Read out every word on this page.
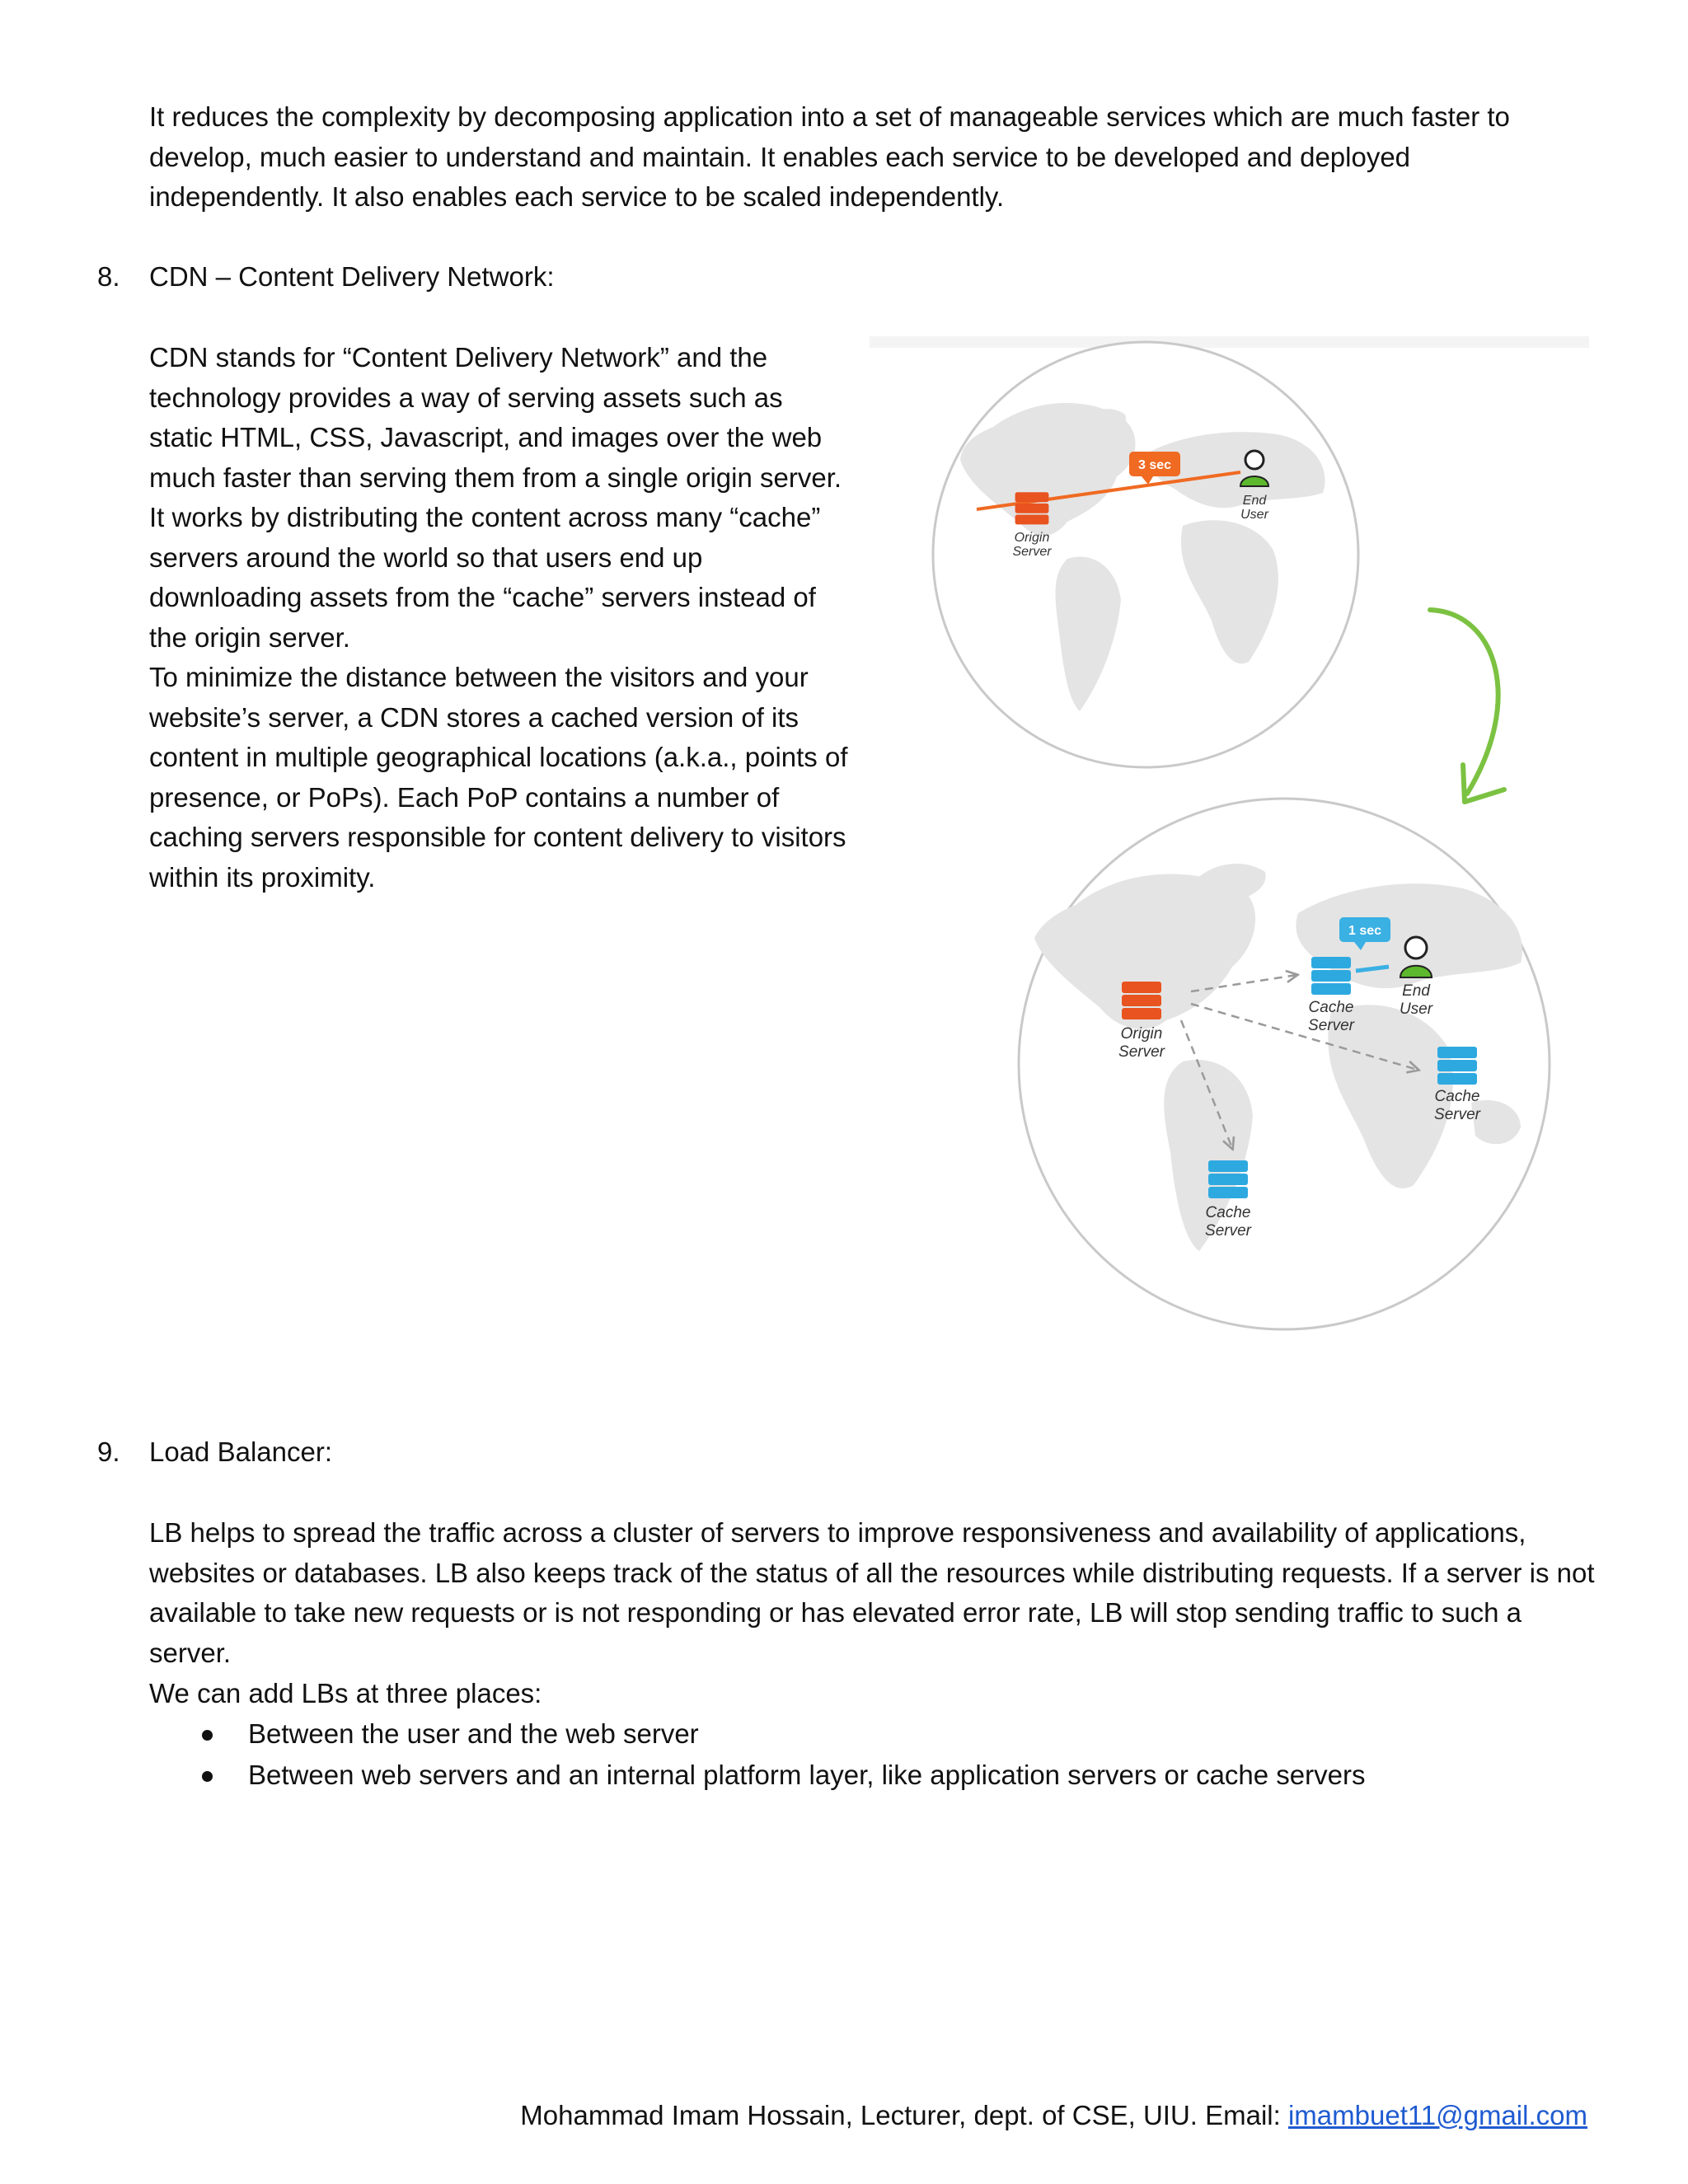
It reduces the complexity by decomposing application into a set of manageable services which are much faster to develop, much easier to understand and maintain. It enables each service to be developed and deployed independently. It also enables each service to be scaled independently.

8. CDN – Content Delivery Network:

CDN stands for “Content Delivery Network” and the technology provides a way of serving assets such as static HTML, CSS, Javascript, and images over the web much faster than serving them from a single origin server. It works by distributing the content across many “cache” servers around the world so that users end up downloading assets from the “cache” servers instead of the origin server.

To minimize the distance between the visitors and your website’s server, a CDN stores a cached version of its content in multiple geographical locations (a.k.a., points of presence, or PoPs). Each PoP contains a number of caching servers responsible for content delivery to visitors within its proximity.

3 sec
Origin
Server
End
User
1 sec
Origin
Server
Cache
Server
Cache
Server
Cache
Server
End
User
9. Load Balancer:

LB helps to spread the traffic across a cluster of servers to improve responsiveness and availability of applications, websites or databases. LB also keeps track of the status of all the resources while distributing requests. If a server is not available to take new requests or is not responding or has elevated error rate, LB will stop sending traffic to such a server.

We can add LBs at three places:

Between the user and the web server
Between web servers and an internal platform layer, like application servers or cache servers
Mohammad Imam Hossain, Lecturer, dept. of CSE, UIU. Email: imambuet11@gmail.com
